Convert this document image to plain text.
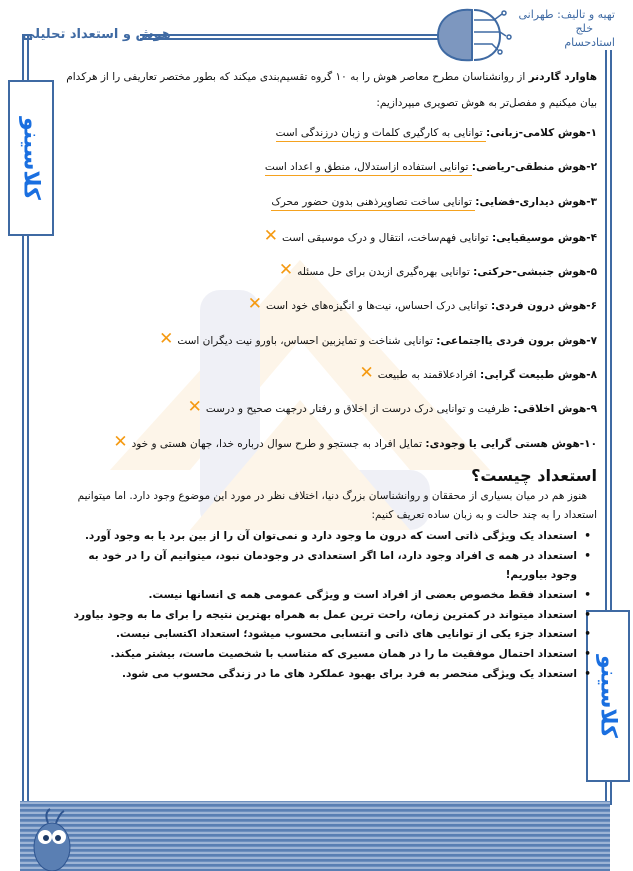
هوش و استعداد تحلیلی
تهیه و تالیف: طهرانی
خلج
استادحسام
کلاسینو
کلاسینو

هاوارد گاردنر از روانشناسان مطرح معاصر هوش را به ۱۰ گروه تقسیم‌بندی میکند که بطور مختصر تعاریفی را از هرکدام بیان میکنیم و مفصل‌تر به هوش تصویری میپردازیم:

۱-هوش کلامی-زبانی: توانایی به کارگیری کلمات و زبان درزندگی است
۲-هوش منطقی-ریاضی: توانایی استفاده ازاستدلال، منطق و اعداد است
۳-هوش دیداری-فضایی: توانایی ساخت تصاویرذهنی بدون حضور محرک
۴-هوش موسیقیایی: توانایی فهم‌ساخت، انتقال و درک موسیقی است✕
۵-هوش جنبشی-حرکتی: توانایی بهره‌گیری ازبدن برای حل مسئله✕
۶-هوش درون فردی: توانایی درک احساس، نیت‌ها و انگیزه‌های خود است✕
۷-هوش برون فردی یااجتماعی: توانایی شناخت و تمایزبین احساس، باورو نیت دیگران است✕
۸-هوش طبیعت گرایی: افرادعلاقمند به طبیعت✕
۹-هوش اخلاقی: ظرفیت و توانایی درک درست از اخلاق و رفتار درجهت صحیح و درست✕
۱۰-هوش هستی گرایی یا وجودی: تمایل افراد به جستجو و طرح سوال درباره خدا، جهان هستی و خود✕
استعداد چیست؟

هنوز هم در میان بسیاری از محققان و روانشناسان بزرگ دنیا، اختلاف نظر در مورد این موضوع وجود دارد. اما میتوانیم استعداد را به چند حالت و به زبان ساده تعریف کنیم:

• استعداد یک ویژگی ذاتی است که درون ما وجود دارد و نمی‌توان آن را از بین برد یا به وجود آورد.
• استعداد در همه ی افراد وجود دارد، اما اگر استعدادی در وجودمان نبود، میتوانیم آن را در خود به وجود بیاوریم!
• استعداد فقط مخصوص بعضی از افراد است و ویژگی عمومی همه ی انسانها نیست.
• استعداد میتواند در کمترین زمان، راحت ترین عمل به همراه بهترین نتیجه را برای ما به وجود بیاورد
• استعداد جزء یکی از توانایی های ذاتی و انتسابی محسوب میشود؛ استعداد اکتسابی نیست.
• استعداد احتمال موفقیت ما را در همان مسیری که متناسب با شخصیت ماست، بیشتر میکند.
• استعداد یک ویژگی منحصر به فرد برای بهبود عملکرد های ما در زندگی محسوب می شود.
